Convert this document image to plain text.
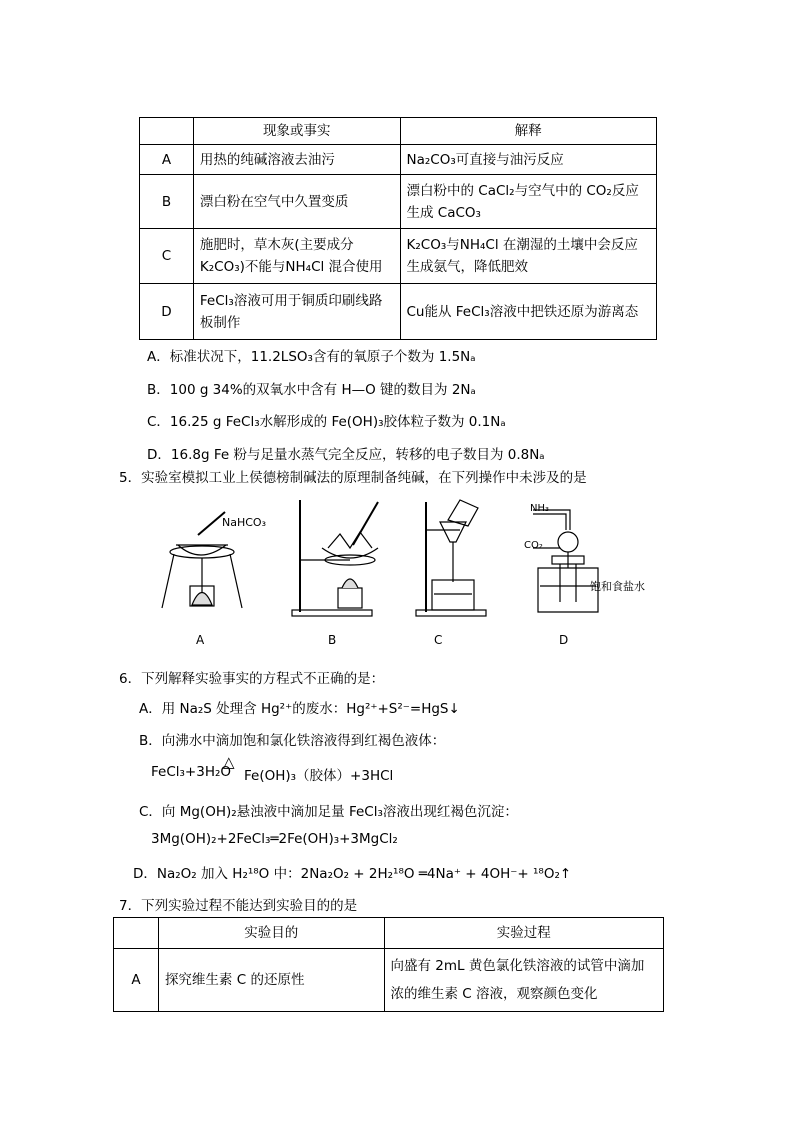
	现象或事实	解释
A	用热的纯碱溶液去油污	Na₂CO₃可直接与油污反应
B	漂白粉在空气中久置变质	漂白粉中的 CaCl₂与空气中的 CO₂反应生成 CaCO₃
C	施肥时，草木灰(主要成分 K₂CO₃)不能与NH₄Cl 混合使用	K₂CO₃与NH₄Cl 在潮湿的土壤中会反应生成氨气，降低肥效
D	FeCl₃溶液可用于铜质印刷线路板制作	Cu能从 FeCl₃溶液中把铁还原为游离态
A．标准状况下，11.2LSO₃含有的氧原子个数为 1.5Nₐ
B．100 g 34%的双氧水中含有 H—O 键的数目为 2Nₐ
C．16.25 g FeCl₃水解形成的 Fe(OH)₃胶体粒子数为 0.1Nₐ
D．16.8g Fe 粉与足量水蒸气完全反应，转移的电子数目为 0.8Nₐ
5．实验室模拟工业上侯德榜制碱法的原理制备纯碱，在下列操作中未涉及的是
NaHCO₃
NH₃
CO₂
饱和食盐水
A	B	C	D
6．下列解释实验事实的方程式不正确的是：
A．用 Na₂S 处理含 Hg²⁺的废水：Hg²⁺+S²⁻=HgS↓
B．向沸水中滴加饱和氯化铁溶液得到红褐色液体：
FeCl₃+3H₂O
△
Fe(OH)₃（胶体）+3HCl
C．向 Mg(OH)₂悬浊液中滴加足量 FeCl₃溶液出现红褐色沉淀：
3Mg(OH)₂+2FeCl₃═2Fe(OH)₃+3MgCl₂
D．Na₂O₂ 加入 H₂¹⁸O 中：2Na₂O₂ + 2H₂¹⁸O ═4Na⁺ + 4OH⁻+ ¹⁸O₂↑
7．下列实验过程不能达到实验目的的是
	实验目的	实验过程
A	探究维生素 C 的还原性	向盛有 2mL 黄色氯化铁溶液的试管中滴加浓的维生素 C 溶液，观察颜色变化
